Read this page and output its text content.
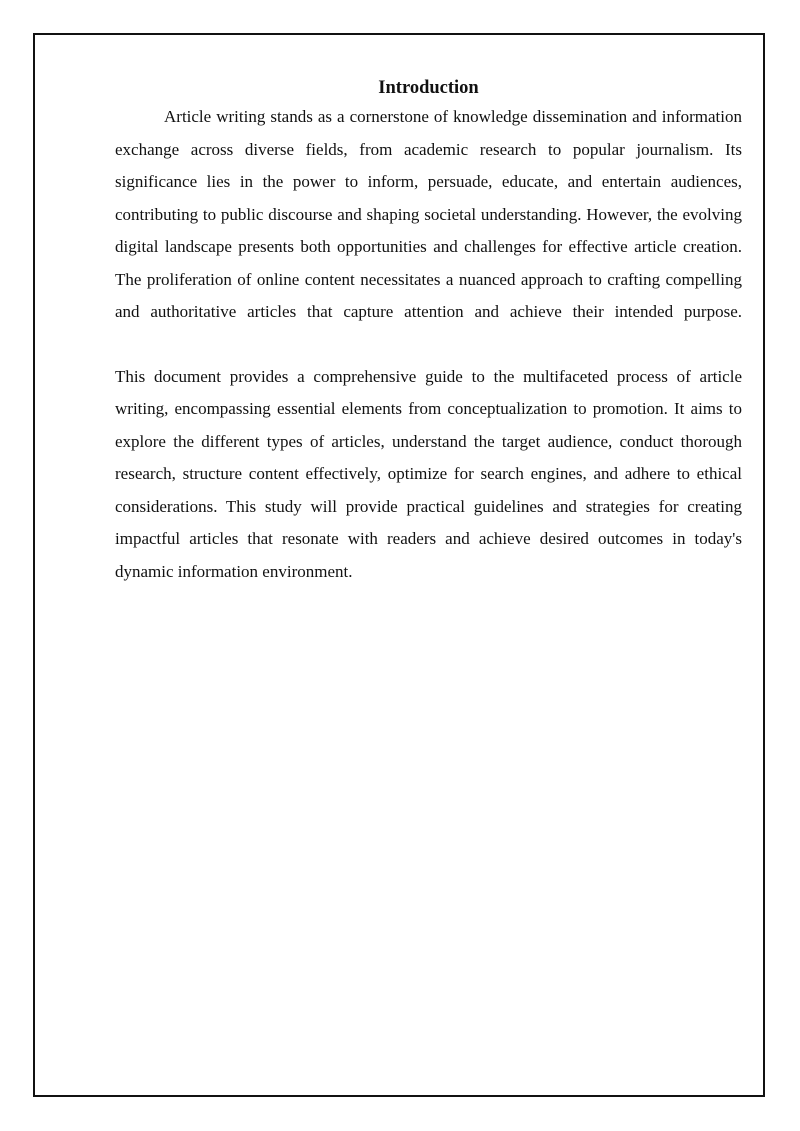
Introduction

Article writing stands as a cornerstone of knowledge dissemination and information exchange across diverse fields, from academic research to popular journalism. Its significance lies in the power to inform, persuade, educate, and entertain audiences, contributing to public discourse and shaping societal understanding. However, the evolving digital landscape presents both opportunities and challenges for effective article creation. The proliferation of online content necessitates a nuanced approach to crafting compelling and authoritative articles that capture attention and achieve their intended purpose.

This document provides a comprehensive guide to the multifaceted process of article writing, encompassing essential elements from conceptualization to promotion. It aims to explore the different types of articles, understand the target audience, conduct thorough research, structure content effectively, optimize for search engines, and adhere to ethical considerations. This study will provide practical guidelines and strategies for creating impactful articles that resonate with readers and achieve desired outcomes in today's dynamic information environment.
